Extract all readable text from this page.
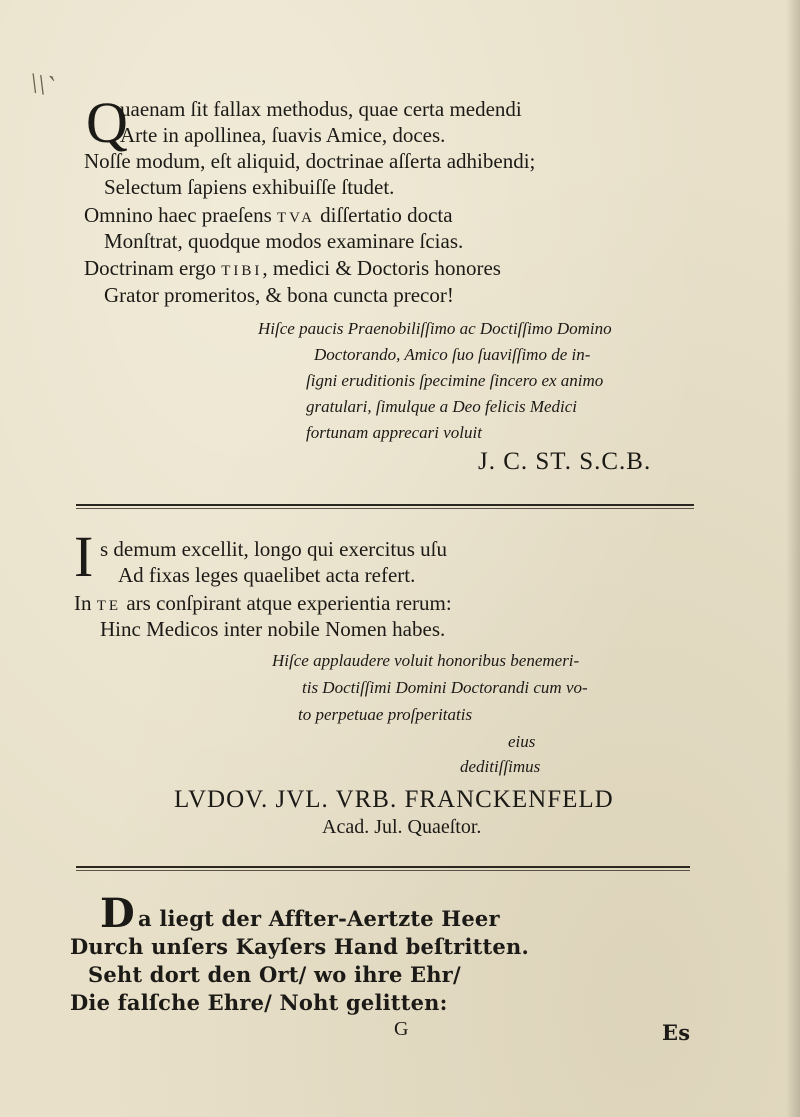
\\`
Q
uaenam ſit fallax methodus, quae certa medendi
Arte in apollinea, ſuavis Amice, doces.
Noſſe modum, eſt aliquid, doctrinae aſſerta adhibendi;
Selectum ſapiens exhibuiſſe ſtudet.
Omnino haec praeſens TVA diſſertatio docta
Monſtrat, quodque modos examinare ſcias.
Doctrinam ergo TIBI, medici & Doctoris honores
Grator promeritos, & bona cuncta precor!
Hiſce paucis Praenobiliſſimo ac Doctiſſimo Domino
Doctorando, Amico ſuo ſuaviſſimo de in-
ſigni eruditionis ſpecimine ſincero ex animo
gratulari, ſimulque a Deo felicis Medici
fortunam apprecari voluit
J. C. ST. S.C.B.
I s demum excellit, longo qui exercitus uſu
Ad fixas leges quaelibet acta refert.
In TE ars conſpirant atque experientia rerum:
Hinc Medicos inter nobile Nomen habes.
Hiſce applaudere voluit honoribus benemeri-
tis Doctiſſimi Domini Doctorandi cum vo-
to perpetuae proſperitatis
eius
deditiſſimus
LVDOV. JVL. VRB. FRANCKENFELD
Acad. Jul. Quaeſtor.
D a liegt der Affter-Aertzte Heer
Durch unſers Kayſers Hand beſtritten.
Seht dort den Ort/ wo ihre Ehr/
Die falſche Ehre/ Noht gelitten:
G	Es
